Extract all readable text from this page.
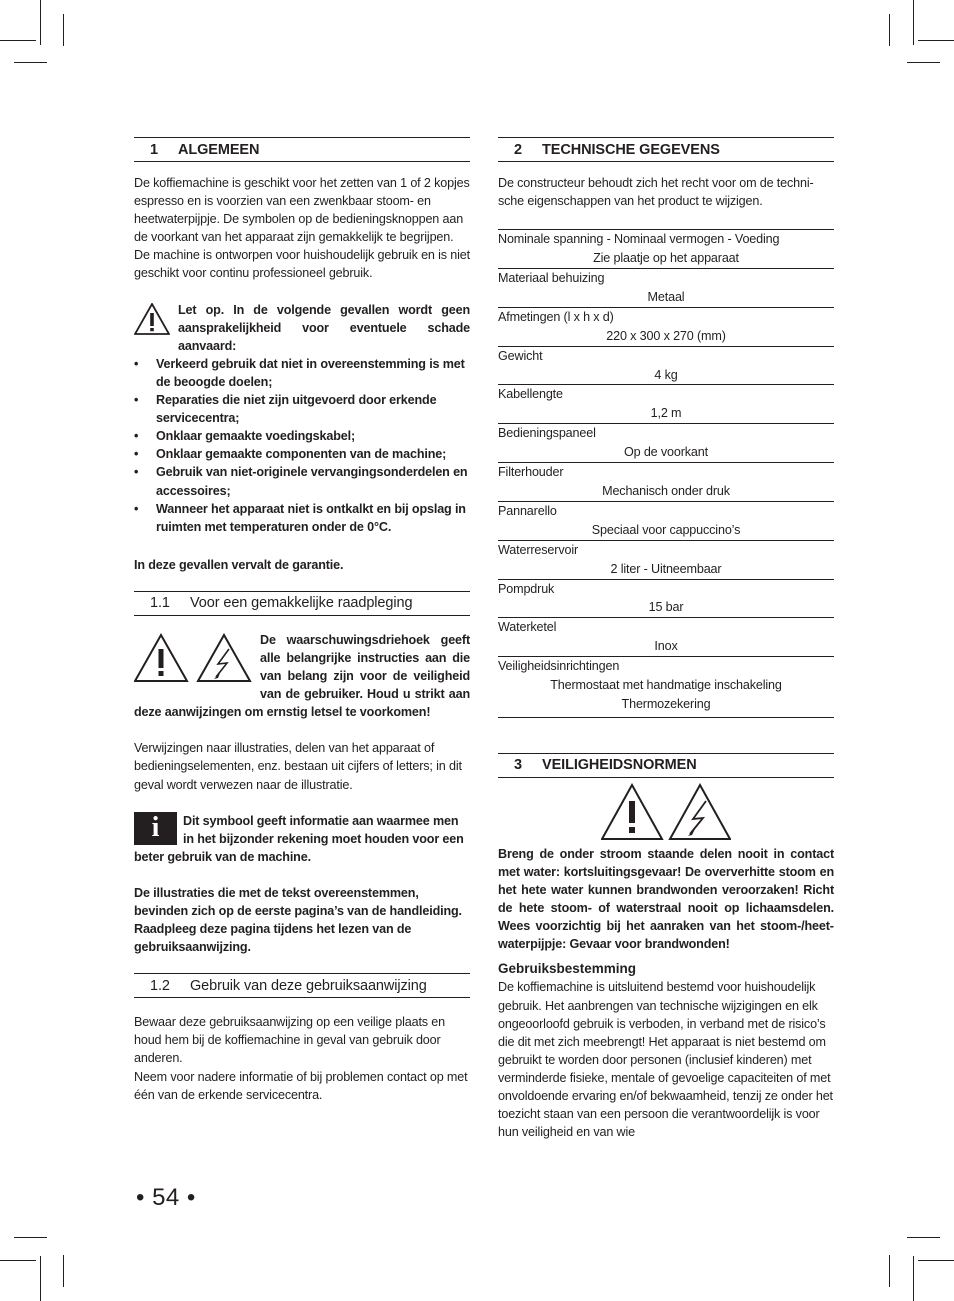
1	ALGEMEEN

De koffiemachine is geschikt voor het zetten van 1 of 2 kopjes espresso en is voorzien van een zwenkbaar stoom- en heetwaterpijpje. De symbolen op de bedieningsknoppen aan de voorkant van het apparaat zijn gemakkelijk te begrijpen.

De machine is ontworpen voor huishoudelijk gebruik en is niet geschikt voor continu professioneel gebruik.

Let op. In de volgende gevallen wordt geen aansprakelijkheid voor eventuele schade aanvaard:

• Verkeerd gebruik dat niet in overeenstemming is met de beoogde doelen;
• Reparaties die niet zijn uitgevoerd door erkende servicecentra;
• Onklaar gemaakte voedingskabel;
• Onklaar gemaakte componenten van de machine;
• Gebruik van niet-originele vervangingsonderdelen en accessoires;
• Wanneer het apparaat niet is ontkalkt en bij opslag in ruimten met temperaturen onder de 0°C.

In deze gevallen vervalt de garantie.

1.1	Voor een gemakkelijke raadpleging

De waarschuwingsdriehoek geeft alle belangrijke instructies aan die van belang zijn voor de veiligheid van de gebruiker. Houd u strikt aan deze aanwijzingen om ernstig letsel te voorkomen!

Verwijzingen naar illustraties, delen van het apparaat of bedieningselementen, enz. bestaan uit cijfers of letters; in dit geval wordt verwezen naar de illustratie.

i	Dit symbool geeft informatie aan waarmee men in het bijzonder rekening moet houden voor een beter gebruik van de machine.

De illustraties die met de tekst overeenstemmen, bevinden zich op de eerste pagina’s van de handleiding. Raadpleeg deze pagina tijdens het lezen van de gebruiksaanwijzing.

1.2	Gebruik van deze gebruiksaanwijzing

Bewaar deze gebruiksaanwijzing op een veilige plaats en houd hem bij de koffiemachine in geval van gebruik door anderen.

Neem voor nadere informatie of bij problemen contact op met één van de erkende servicecentra.

2	TECHNISCHE GEGEVENS

De constructeur behoudt zich het recht voor om de technische eigenschappen van het product te wijzigen.

Nominale spanning - Nominaal vermogen - Voeding
Zie plaatje op het apparaat

Materiaal behuizing
Metaal

Afmetingen (l x h x d)
220 x 300 x 270 (mm)

Gewicht
4 kg

Kabellengte
1,2 m

Bedieningspaneel
Op de voorkant

Filterhouder
Mechanisch onder druk

Pannarello
Speciaal voor cappuccino’s

Waterreservoir
2 liter - Uitneembaar

Pompdruk
15 bar

Waterketel
Inox

Veiligheidsinrichtingen
Thermostaat met handmatige inschakeling
Thermozekering
3	VEILIGHEIDSNORMEN

Breng de onder stroom staande delen nooit in contact met water: kortsluitingsgevaar! De oververhitte stoom en het hete water kunnen brandwonden veroorzaken! Richt de hete stoom- of waterstraal nooit op lichaamsdelen. Wees voorzichtig bij het aanraken van het stoom-/heetwaterpijpje: Gevaar voor brandwonden!

Gebruiksbestemming

De koffiemachine is uitsluitend bestemd voor huishoudelijk gebruik. Het aanbrengen van technische wijzigingen en elk ongeoorloofd gebruik is verboden, in verband met de risico’s die dit met zich meebrengt! Het apparaat is niet bestemd om gebruikt te worden door personen (inclusief kinderen) met verminderde fisieke, mentale of gevoelige capaciteiten of met onvoldoende ervaring en/of bekwaamheid, tenzij ze onder het toezicht staan van een persoon die verantwoordelijk is voor hun veiligheid en van wie

• 54 •
